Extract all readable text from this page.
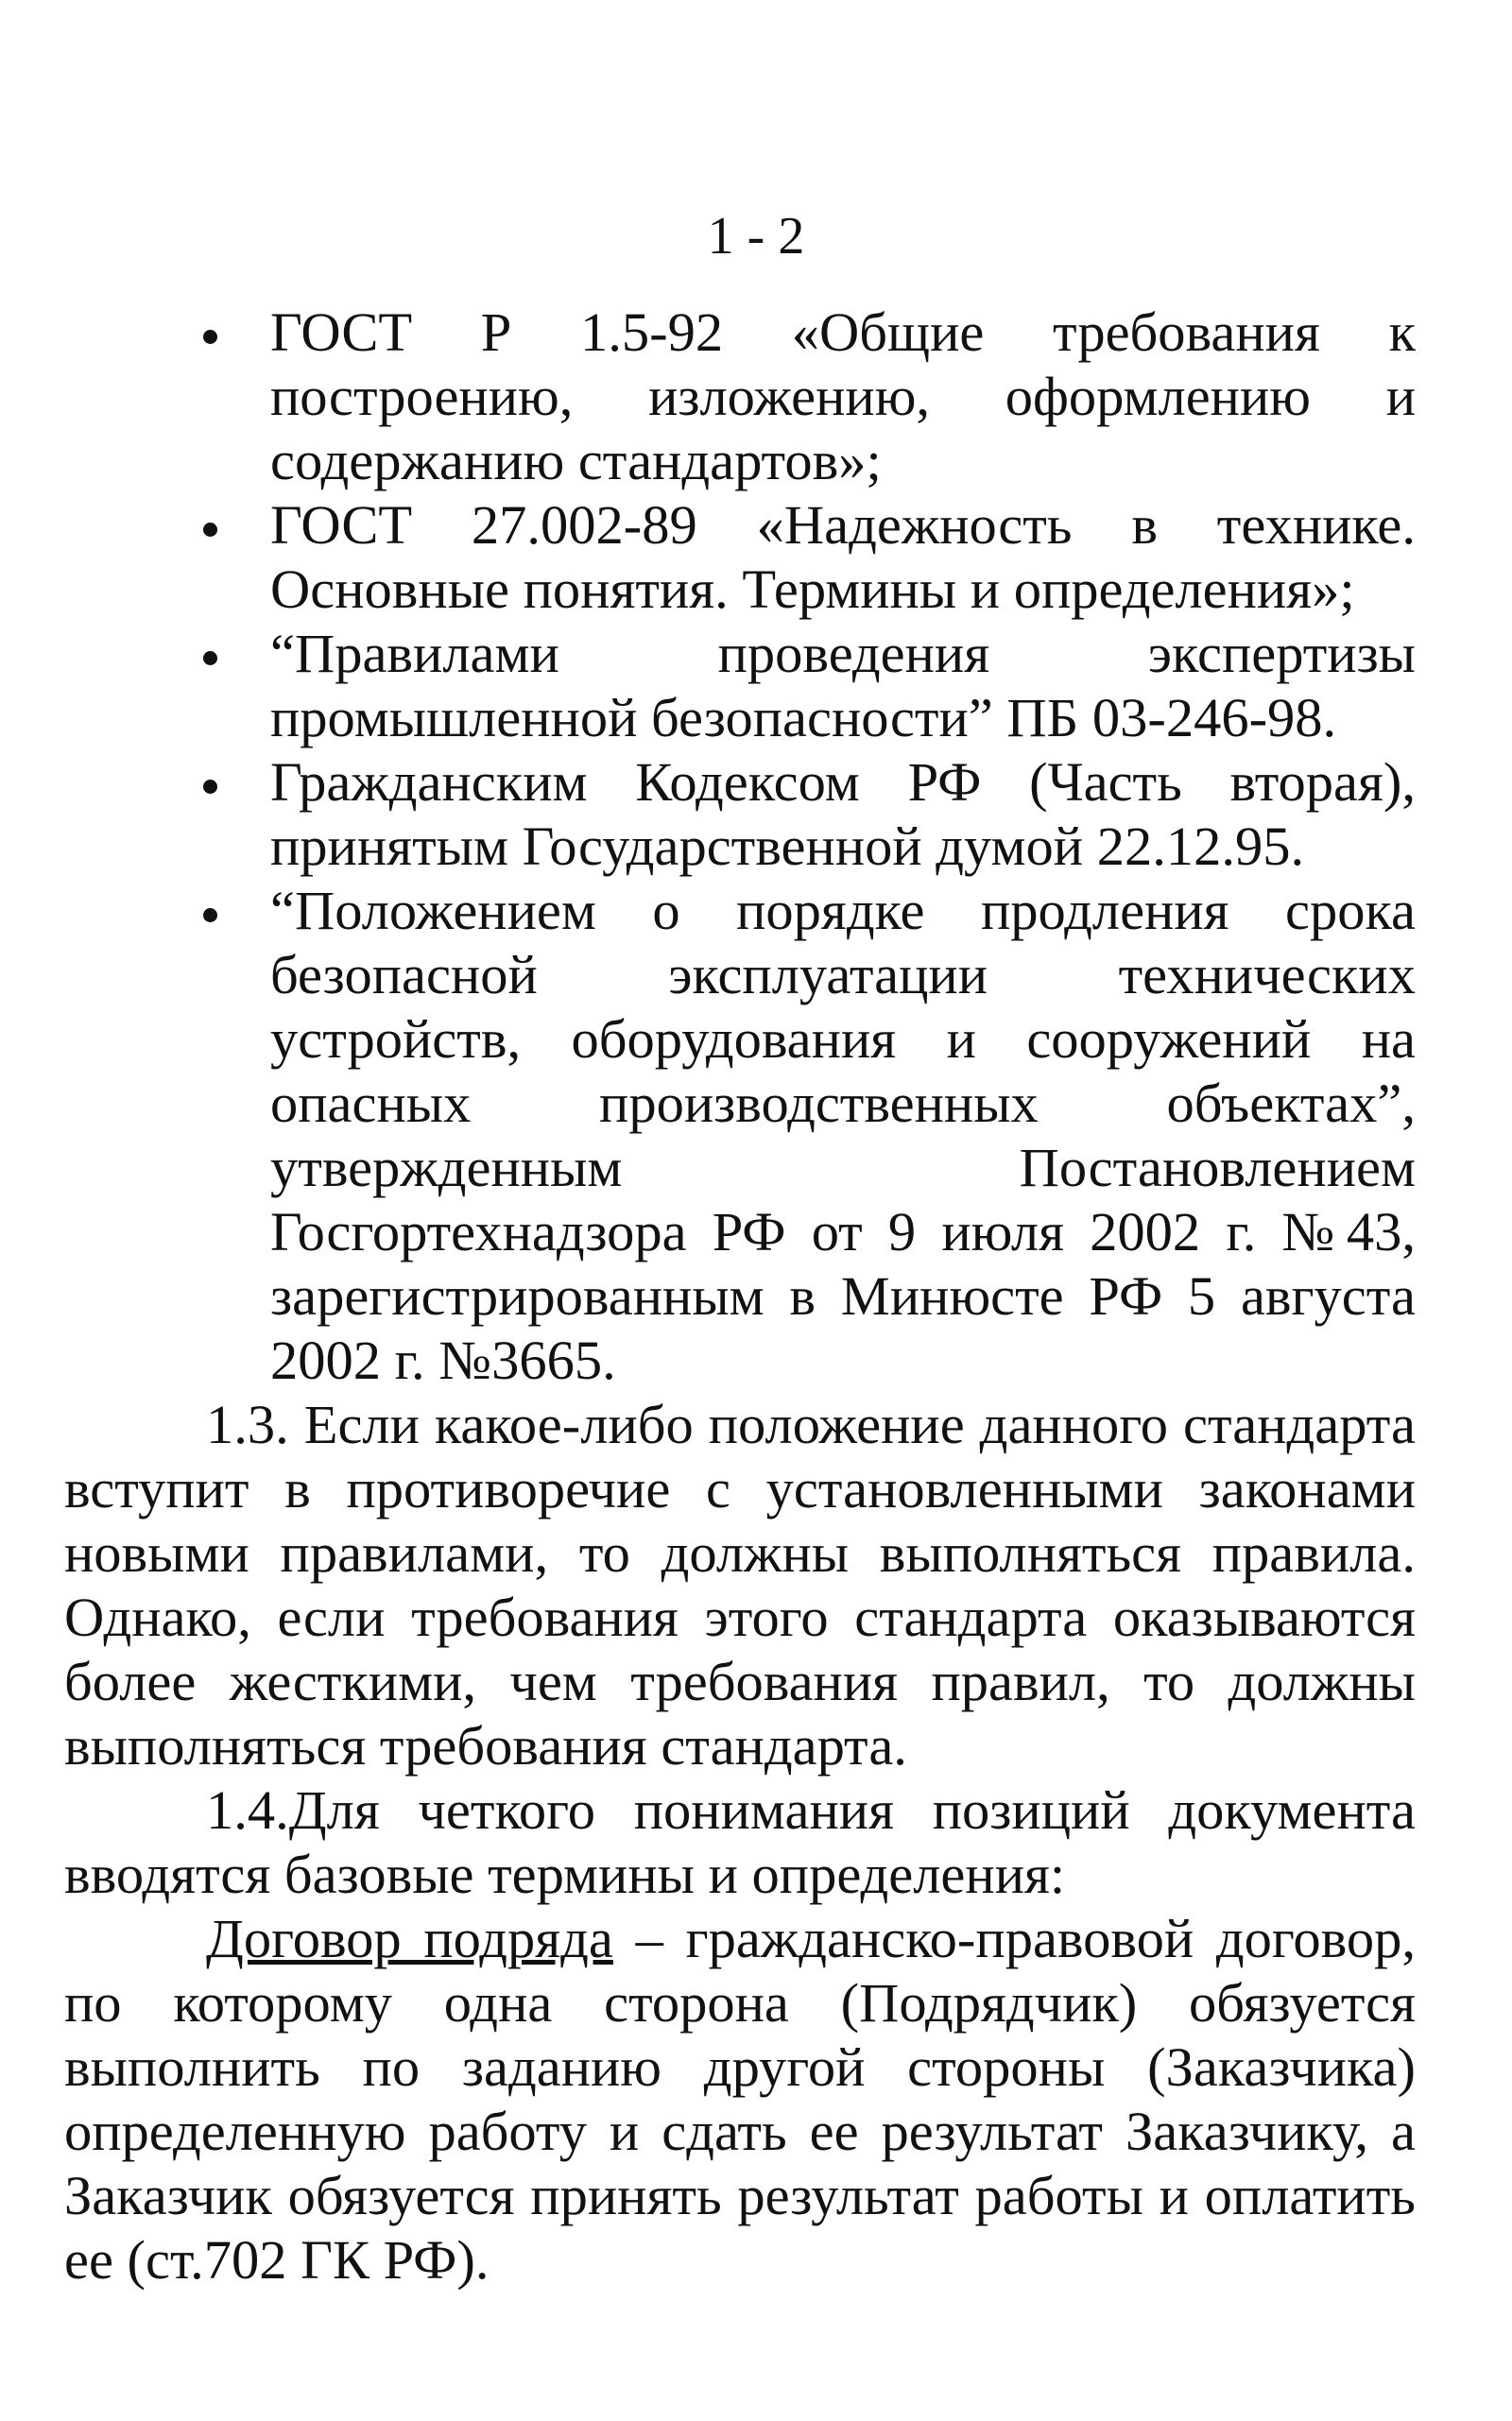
1 - 2
ГОСТ Р 1.5-92 «Общие требования к построению, изложению, оформлению и содержанию стандартов»;
ГОСТ 27.002-89 «Надежность в технике. Основные понятия. Термины и определения»;
“Правилами проведения экспертизы промышленной безопасности” ПБ 03-246-98.
Гражданским Кодексом РФ (Часть вторая), принятым Государственной думой 22.12.95.
“Положением о порядке продления срока безопасной эксплуатации технических устройств, оборудования и сооружений на опасных производственных объектах”, утвержденным Постановлением Госгортехнадзора РФ от 9 июля 2002 г. №43, зарегистрированным в Минюсте РФ 5 августа 2002 г. №3665.

1.3. Если какое-либо положение данного стандарта вступит в противоречие с установленными законами новыми правилами, то должны выполняться правила. Однако, если требования этого стандарта оказываются более жесткими, чем требования правил, то должны выполняться требования стандарта.

1.4.Для четкого понимания позиций документа вводятся базовые термины и определения:

Договор подряда – гражданско-правовой договор, по которому одна сторона (Подрядчик) обязуется выполнить по заданию другой стороны (Заказчика) определенную работу и сдать ее результат Заказчику, а Заказчик обязуется принять результат работы и оплатить ее (ст.702 ГК РФ).
